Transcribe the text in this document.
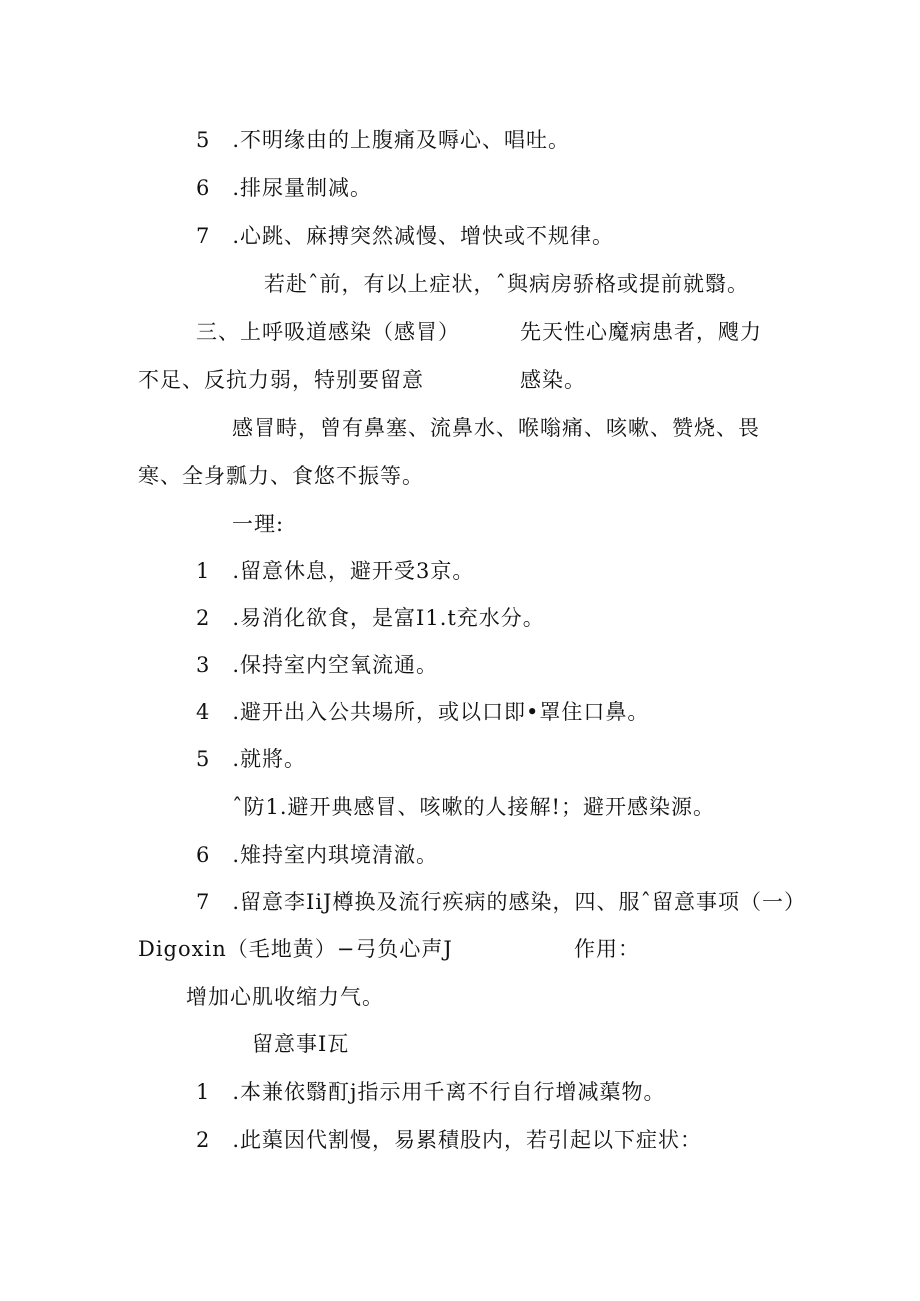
5　.不明缘由的上腹痛及嗕心、唱吐。
6　.排尿量制减。
7　.心跳、麻搏突然减慢、增快或不规律。
若赴ˆ前，有以上症状，ˆ與病房骄格或提前就翳。
三、上呼吸道感染（感冒）	先天性心魔病患者，飕力
不足、反抗力弱，特别要留意	感染。
感冒畤，曾有鼻塞、流鼻水、喉嗡痛、咳嗽、赞烧、畏
寒、全身瓢力、食悠不振等。
一理:
1　.留意休息，避开受3京。
2　.易消化欲食，是富I1.t充水分。
3　.保持室内空氧流通。
4　.避开出入公共場所，或以口即•罩住口鼻。
5　.就將。
ˆ防1.避开典感冒、咳嗽的人接解!；避开感染源。
6　.雉持室内琪境清澈。
7　.留意李IiJ樽换及流行疾病的感染，四、服ˆ留意事项（一）
Digoxin（毛地黄）−弓负心声J	作用：
增加心肌收缩力气。
留意事I瓦
1　.本兼依翳酊j指示用千离不行自行增减蕖物。
2　.此蕖因代割慢，易累積股内，若引起以下症状：
